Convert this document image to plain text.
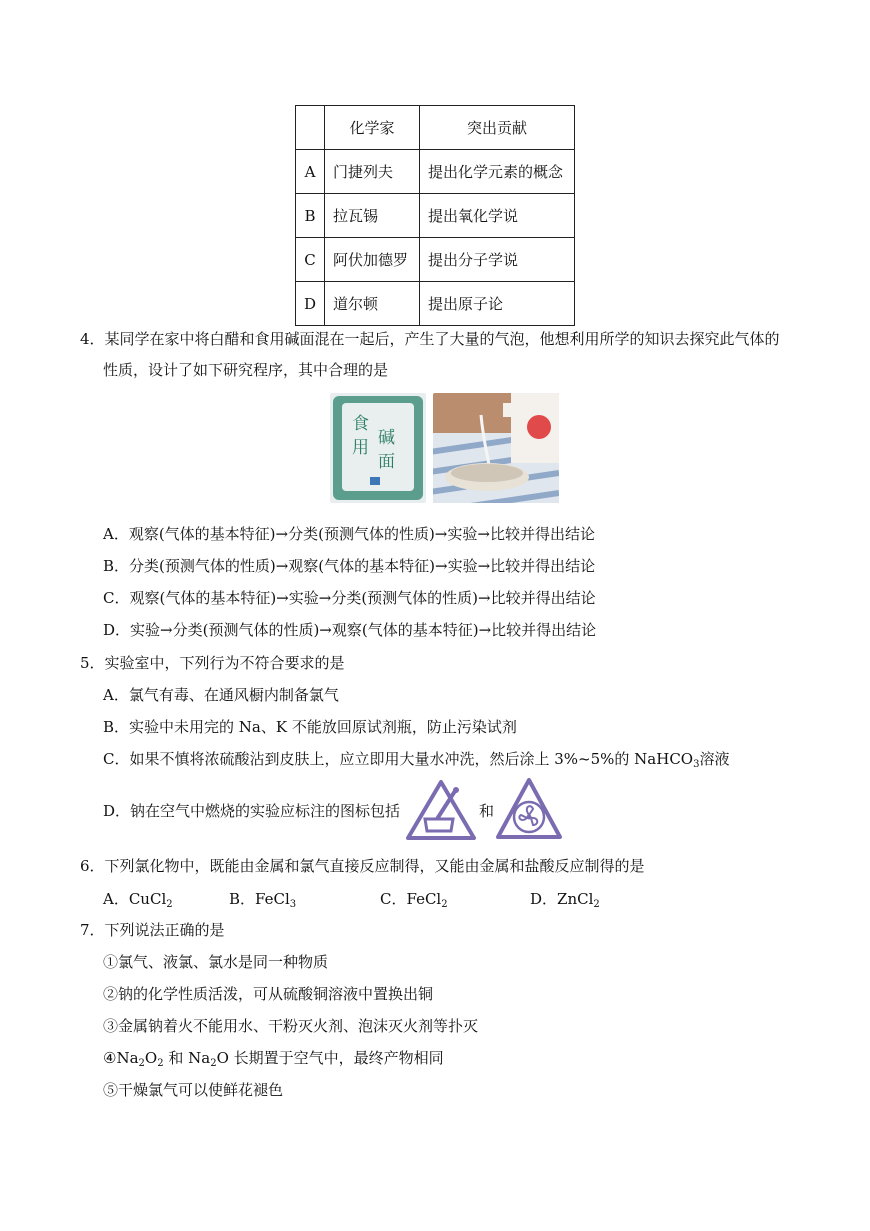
	化学家	突出贡献
A	门捷列夫	提出化学元素的概念
B	拉瓦锡	提出氧化学说
C	阿伏加德罗	提出分子学说
D	道尔顿	提出原子论
4．某同学在家中将白醋和食用碱面混在一起后，产生了大量的气泡，他想利用所学的知识去探究此气体的
性质，设计了如下研究程序，其中合理的是
食
用 碱
面
A．观察(气体的基本特征)→分类(预测气体的性质)→实验→比较并得出结论
B．分类(预测气体的性质)→观察(气体的基本特征)→实验→比较并得出结论
C．观察(气体的基本特征)→实验→分类(预测气体的性质)→比较并得出结论
D．实验→分类(预测气体的性质)→观察(气体的基本特征)→比较并得出结论
5．实验室中，下列行为不符合要求的是
A．氯气有毒、在通风橱内制备氯气
B．实验中未用完的 Na、K 不能放回原试剂瓶，防止污染试剂
C．如果不慎将浓硫酸沾到皮肤上，应立即用大量水冲洗，然后涂上 3%~5%的 NaHCO$_3$溶液
D．钠在空气中燃烧的实验应标注的图标包括	和
6．下列氯化物中，既能由金属和氯气直接反应制得，又能由金属和盐酸反应制得的是
A．CuCl$_2$	B．FeCl$_3$	C．FeCl$_2$	D．ZnCl$_2$
7．下列说法正确的是
①氯气、液氯、氯水是同一种物质
②钠的化学性质活泼，可从硫酸铜溶液中置换出铜
③金属钠着火不能用水、干粉灭火剂、泡沫灭火剂等扑灭
$④Na_2O_2$ 和 $Na_2O$ 长期置于空气中，最终产物相同
⑤干燥氯气可以使鲜花褪色
